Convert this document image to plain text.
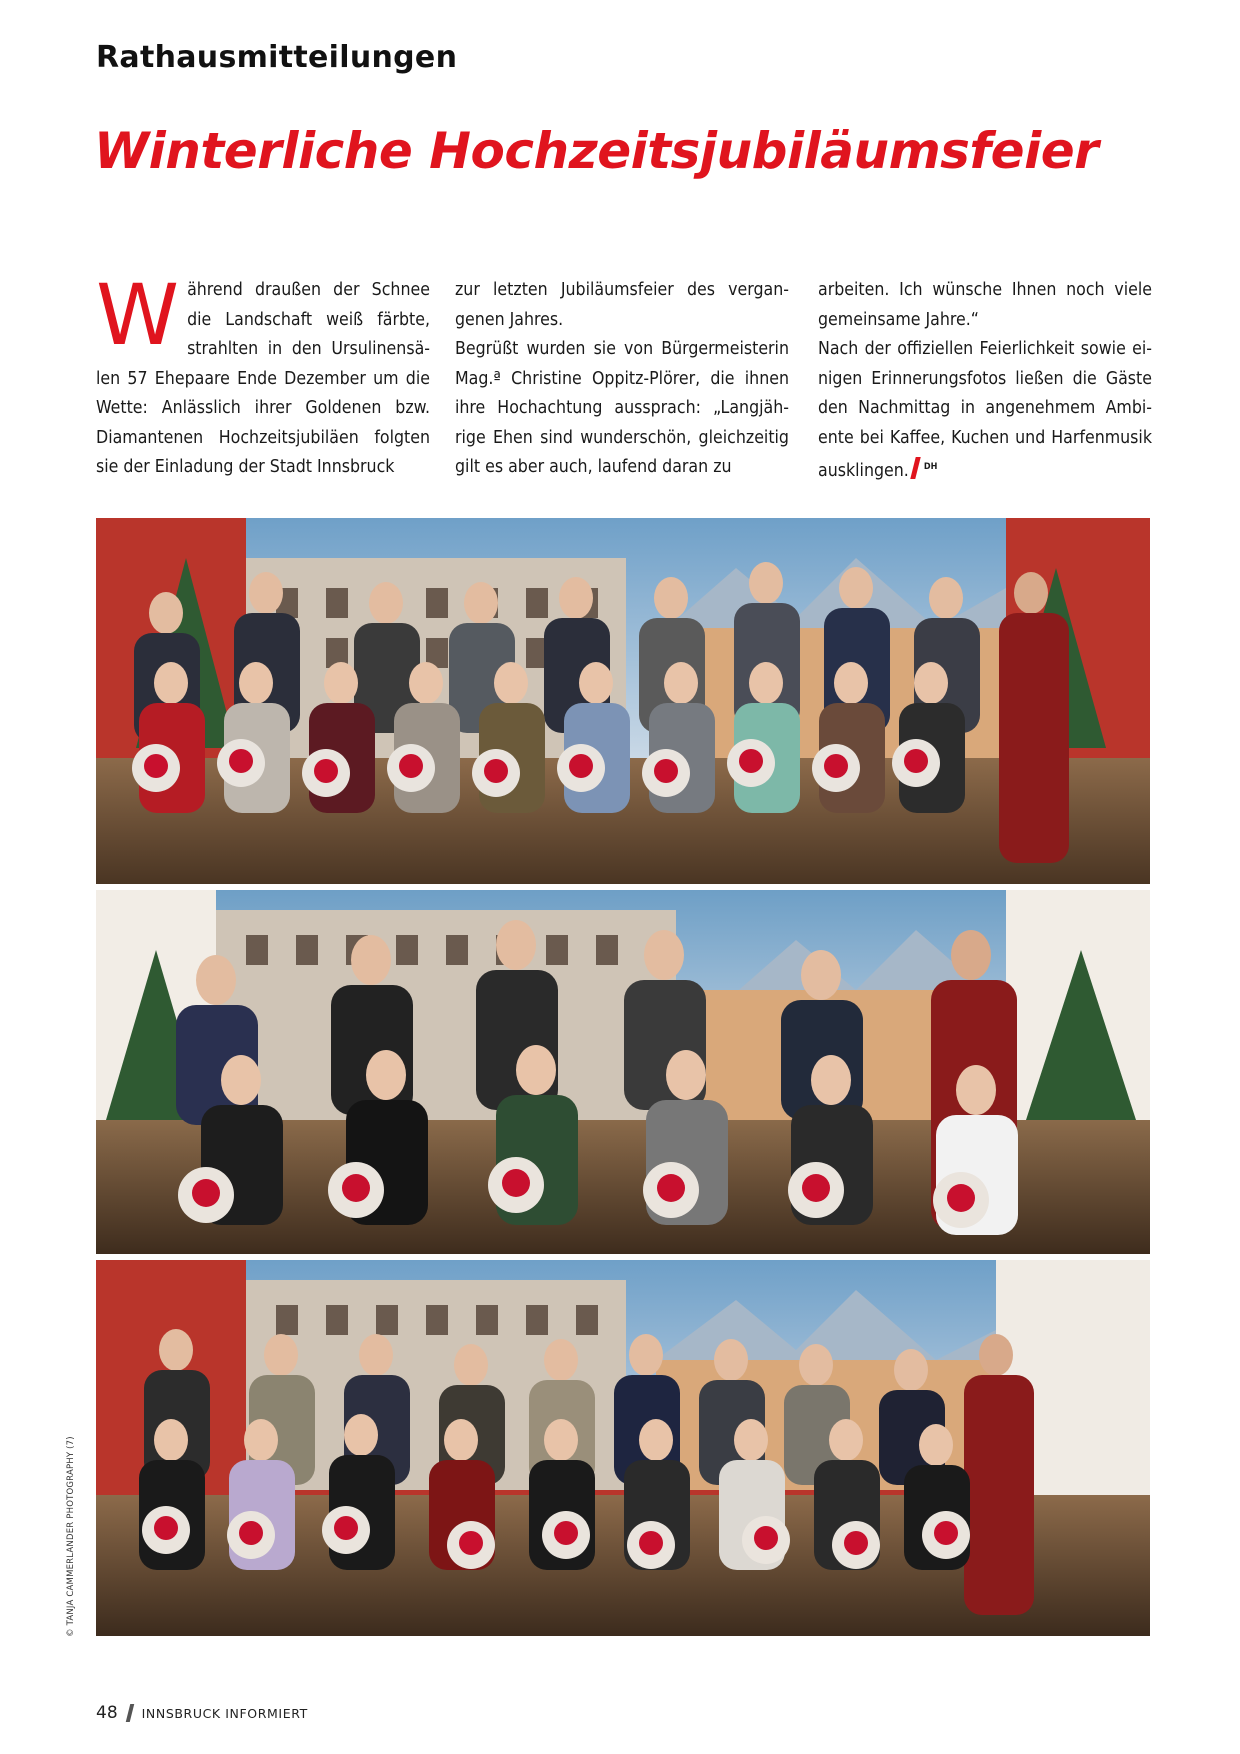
Rathausmitteilungen
Winterliche Hochzeitsjubiläumsfeier

Während draußen der Schnee die Landschaft weiß färbte, strahlten in den Ursulinensälen 57 Ehepaare Ende Dezember um die Wette: Anlässlich ihrer Goldenen bzw. Diamantenen Hochzeitsjubiläen folgten sie der Einladung der Stadt Innsbruck

zur letzten Jubiläumsfeier des vergangenen Jahres.

Begrüßt wurden sie von Bürgermeisterin Mag.ª Christine Oppitz-Plörer, die ihnen ihre Hochachtung aussprach: „Langjährige Ehen sind wunderschön, gleichzeitig gilt es aber auch, laufend daran zu

arbeiten. Ich wünsche Ihnen noch viele gemeinsame Jahre.“

Nach der offiziellen Feierlichkeit sowie einigen Erinnerungsfotos ließen die Gäste den Nachmittag in angenehmem Ambiente bei Kaffee, Kuchen und Harfenmusik ausklingen. $^{DH}$

© TANJA CAMMERLANDER PHOTOGRAPHY (7)
48 INNSBRUCK INFORMIERT
